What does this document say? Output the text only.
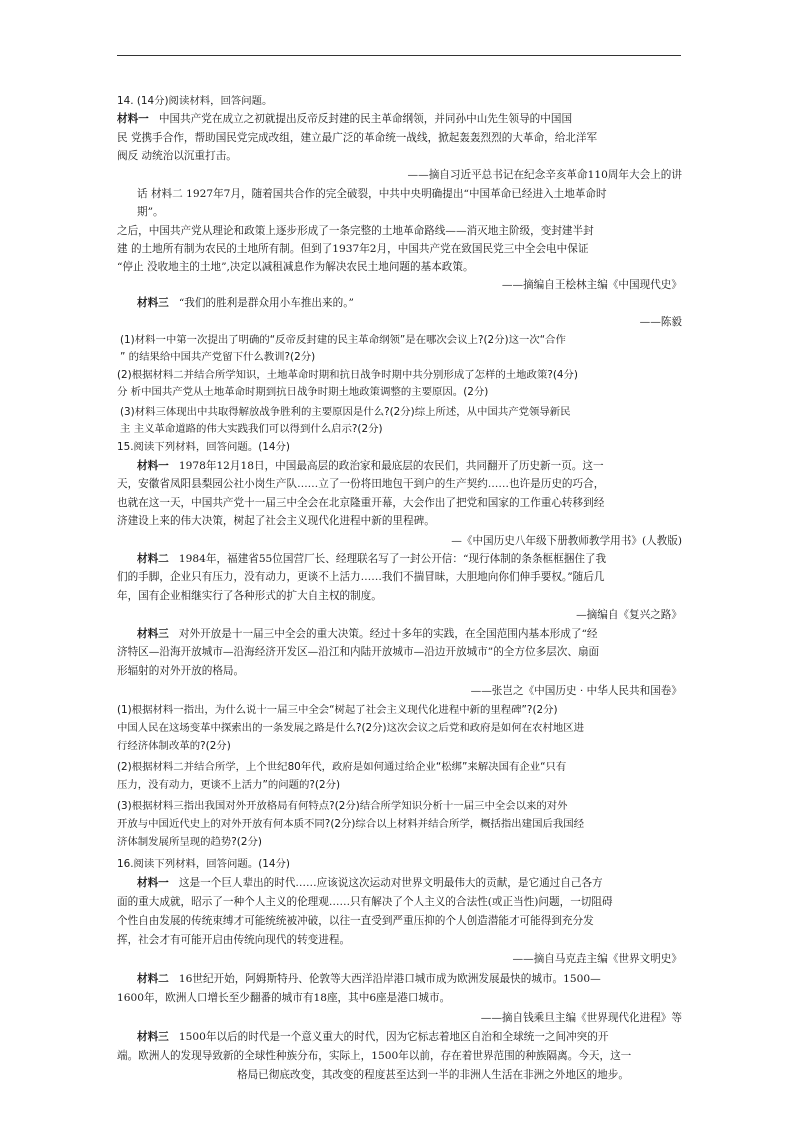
14. (14分)阅读材料，回答问题。
材料一 中国共产党在成立之初就提出反帝反封建的民主革命纲领，并同孙中山先生领导的中国国
民 党携手合作，帮助国民党完成改组，建立最广泛的革命统一战线，掀起轰轰烈烈的大革命，给北洋军
阀反 动统治以沉重打击。
——摘自习近平总书记在纪念辛亥革命110周年大会上的讲
话 材料二 1927年7月，随着国共合作的完全破裂，中共中央明确提出“中国革命已经进入土地革命时
期”。
之后，中国共产党从理论和政策上逐步形成了一条完整的土地革命路线——消灭地主阶级，变封建半封
建 的土地所有制为农民的土地所有制。但到了1937年2月，中国共产党在致国民党三中全会电中保证
“停止 没收地主的土地”,决定以减租减息作为解决农民土地问题的基本政策。
——摘编自王桧林主编《中国现代史》
材料三 “我们的胜利是群众用小车推出来的。”
——陈毅
(1)材料一中第一次提出了明确的“反帝反封建的民主革命纲领”是在哪次会议上?(2分)这一次“合作
” 的结果给中国共产党留下什么教训?(2分)
(2)根据材料二并结合所学知识，土地革命时期和抗日战争时期中共分别形成了怎样的土地政策?(4分)
分 析中国共产党从土地革命时期到抗日战争时期土地政策调整的主要原因。(2分)
(3)材料三体现出中共取得解放战争胜利的主要原因是什么?(2分)综上所述，从中国共产党领导新民
主 主义革命道路的伟大实践我们可以得到什么启示?(2分)
15.阅读下列材料，回答问题。(14分)
材料一 1978年12月18日，中国最高层的政治家和最底层的农民们，共同翻开了历史新一页。这一
天，安徽省凤阳县梨园公社小岗生产队……立了一份将田地包干到户的生产契约……也许是历史的巧合，
也就在这一天，中国共产党十一届三中全会在北京隆重开幕，大会作出了把党和国家的工作重心转移到经
济建设上来的伟大决策，树起了社会主义现代化进程中新的里程碑。
—《中国历史八年级下册教师教学用书》(人教版)
材料二 1984年，福建省55位国营厂长、经理联名写了一封公开信：“现行体制的条条框框捆住了我
们的手脚，企业只有压力，没有动力，更谈不上活力……我们不揣冒昧，大胆地向你们伸手要权。”随后几
年，国有企业相继实行了各种形式的扩大自主权的制度。
—摘编自《复兴之路》
材料三 对外开放是十一届三中全会的重大决策。经过十多年的实践，在全国范围内基本形成了“经
济特区—沿海开放城市—沿海经济开发区—沿江和内陆开放城市—沿边开放城市”的全方位多层次、扇面
形辐射的对外开放的格局。
——张岂之《中国历史 · 中华人民共和国卷》
(1)根据材料一指出，为什么说十一届三中全会“树起了社会主义现代化进程中新的里程碑”?(2分)
中国人民在这场变革中探索出的一条发展之路是什么?(2分)这次会议之后党和政府是如何在农村地区进
行经济体制改革的?(2分)
(2)根据材料二并结合所学，上个世纪80年代，政府是如何通过给企业“松绑”来解决国有企业“只有
压力，没有动力，更谈不上活力”的问题的?(2分)
(3)根据材料三指出我国对外开放格局有何特点?(2分)结合所学知识分析十一届三中全会以来的对外
开放与中国近代史上的对外开放有何本质不同?(2分)综合以上材料并结合所学，概括指出建国后我国经
济体制发展所呈现的趋势?(2分)
16.阅读下列材料，回答问题。(14分)
材料一 这是一个巨人辈出的时代……应该说这次运动对世界文明最伟大的贡献，是它通过自己各方
面的重大成就，昭示了一种个人主义的伦理观……只有解决了个人主义的合法性(或正当性)问题，一切阻碍
个性自由发展的传统束缚才可能统统被冲破，以往一直受到严重压抑的个人创造潜能才可能得到充分发
挥，社会才有可能开启由传统向现代的转变进程。
——摘自马克垚主编《世界文明史》
材料二 16世纪开始，阿姆斯特丹、伦敦等大西洋沿岸港口城市成为欧洲发展最快的城市。1500—
1600年，欧洲人口增长至少翻番的城市有18座，其中6座是港口城市。
——摘自钱乘旦主编《世界现代化进程》等
材料三 1500年以后的时代是一个意义重大的时代，因为它标志着地区自治和全球统一之间冲突的开
端。欧洲人的发现导致新的全球性种族分布，实际上，1500年以前，存在着世界范围的种族隔离。今天，这一
格局已彻底改变，其改变的程度甚至达到一半的非洲人生活在非洲之外地区的地步。
